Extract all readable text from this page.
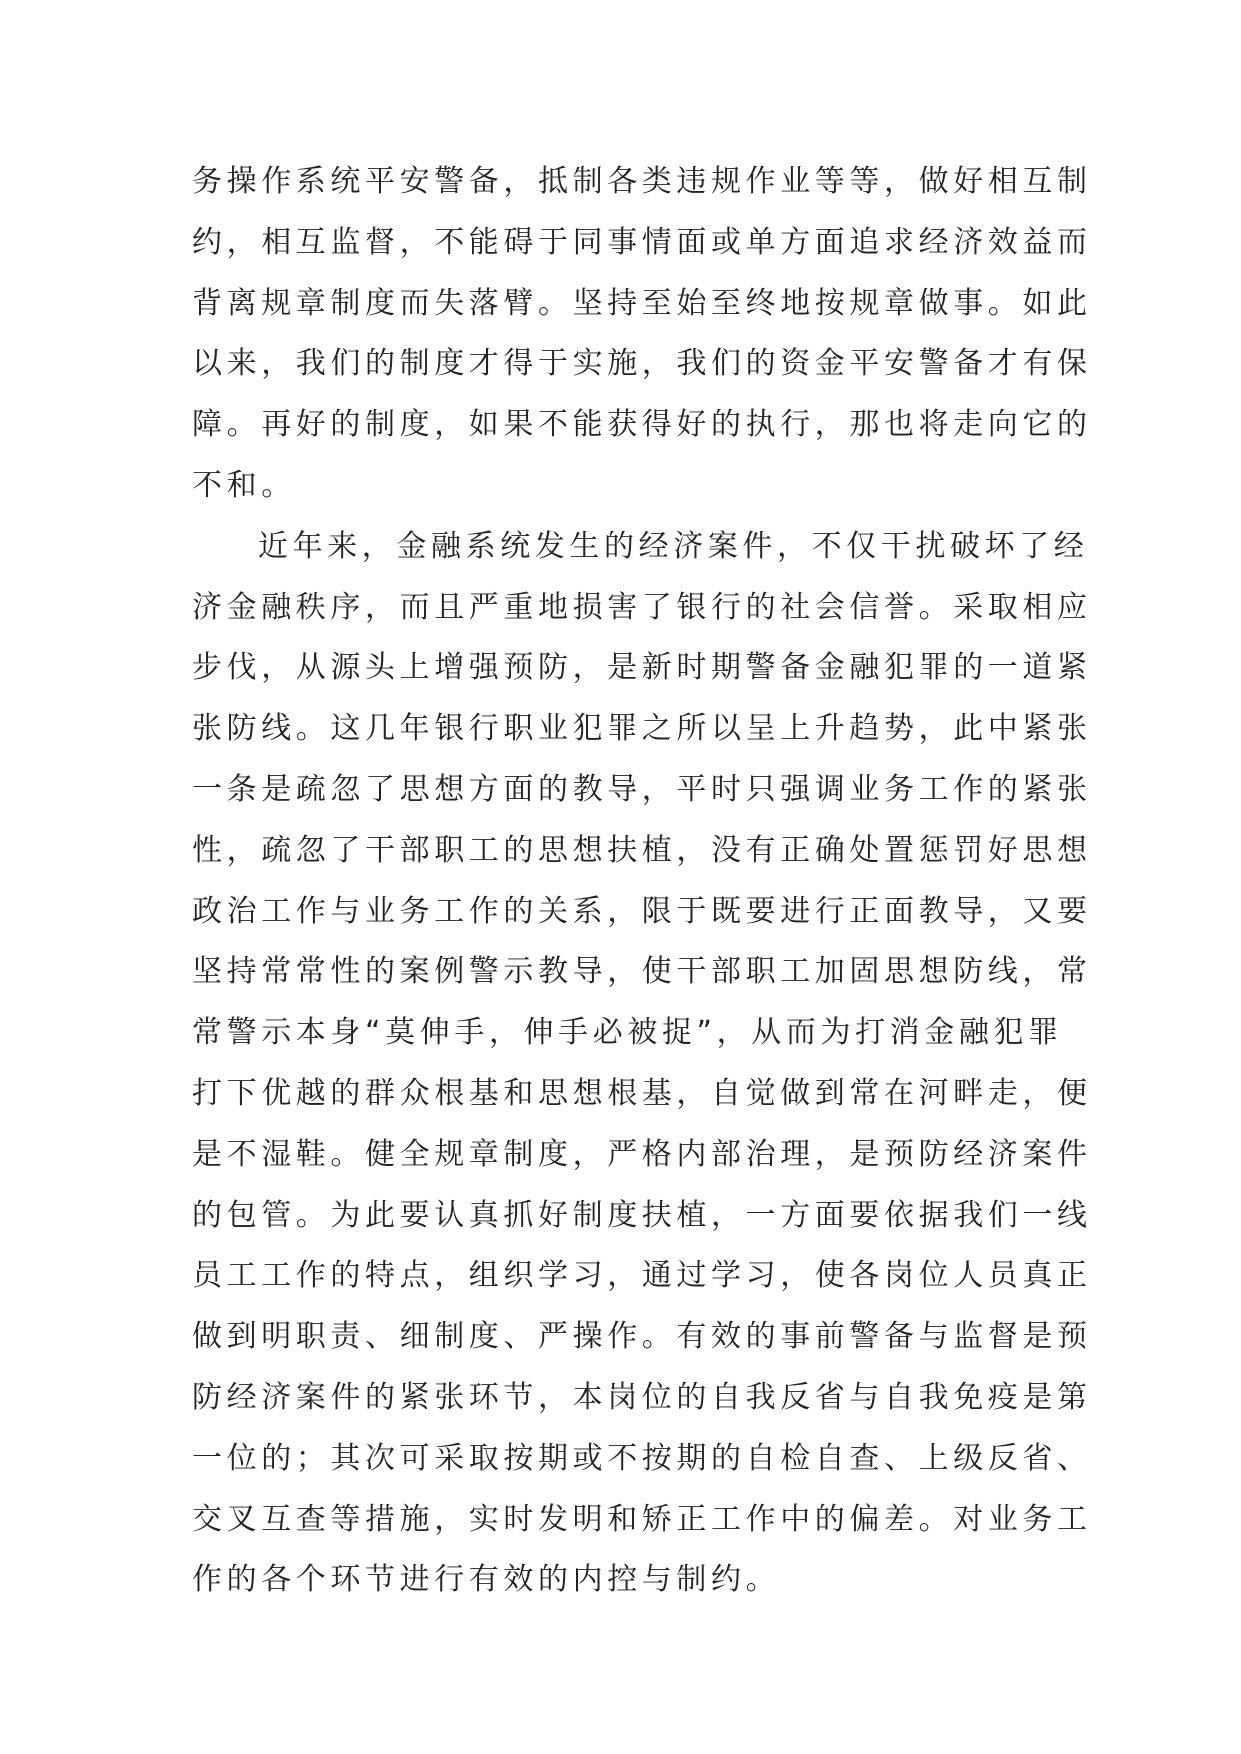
务操作系统平安警备，抵制各类违规作业等等，做好相互制
约，相互监督，不能碍于同事情面或单方面追求经济效益而
背离规章制度而失落臂。坚持至始至终地按规章做事。如此
以来，我们的制度才得于实施，我们的资金平安警备才有保
障。再好的制度，如果不能获得好的执行，那也将走向它的
不和。
近年来，金融系统发生的经济案件，不仅干扰破坏了经
济金融秩序，而且严重地损害了银行的社会信誉。采取相应
步伐，从源头上增强预防，是新时期警备金融犯罪的一道紧
张防线。这几年银行职业犯罪之所以呈上升趋势，此中紧张
一条是疏忽了思想方面的教导，平时只强调业务工作的紧张
性，疏忽了干部职工的思想扶植，没有正确处置惩罚好思想
政治工作与业务工作的关系，限于既要进行正面教导，又要
坚持常常性的案例警示教导，使干部职工加固思想防线，常
常警示本身“莫伸手，伸手必被捉”，从而为打消金融犯罪
打下优越的群众根基和思想根基，自觉做到常在河畔走，便
是不湿鞋。健全规章制度，严格内部治理，是预防经济案件
的包管。为此要认真抓好制度扶植，一方面要依据我们一线
员工工作的特点，组织学习，通过学习，使各岗位人员真正
做到明职责、细制度、严操作。有效的事前警备与监督是预
防经济案件的紧张环节，本岗位的自我反省与自我免疫是第
一位的；其次可采取按期或不按期的自检自查、上级反省、
交叉互查等措施，实时发明和矫正工作中的偏差。对业务工
作的各个环节进行有效的内控与制约。
